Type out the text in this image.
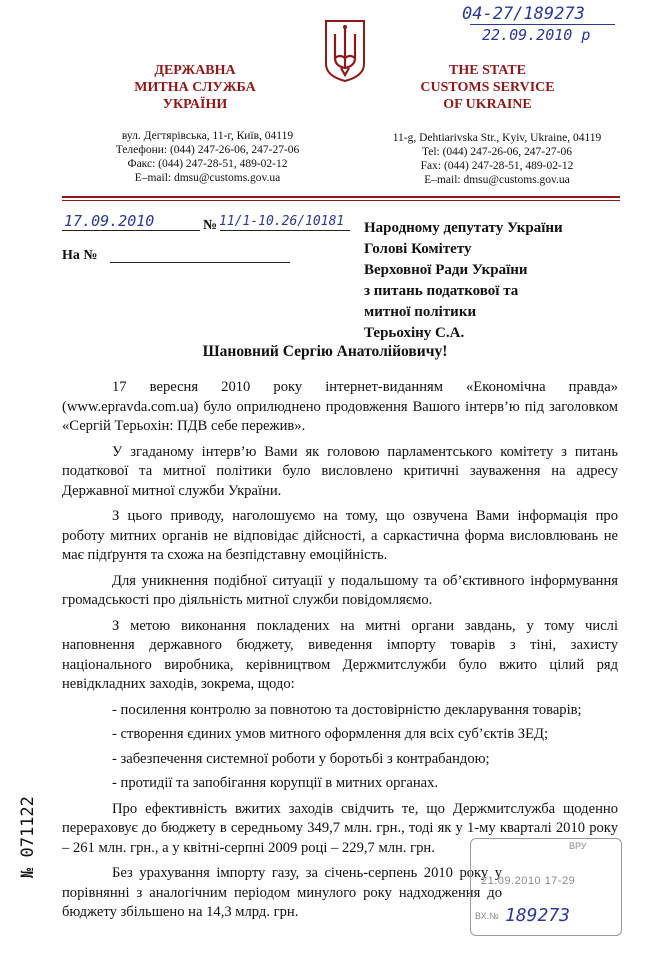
04-27/189273
22.09.2010 р
ДЕРЖАВНА
МИТНА СЛУЖБА
УКРАЇНИ
вул. Дегтярівська, 11-г, Київ, 04119
Телефони: (044) 247-26-06, 247-27-06
Факс: (044) 247-28-51, 489-02-12
E–mail: dmsu@customs.gov.ua
THE STATE
CUSTOMS SERVICE
OF UKRAINE
11-g, Dehtiarivska Str., Kyiv, Ukraine, 04119
Tel: (044) 247-26-06, 247-27-06
Fax: (044) 247-28-51, 489-02-12
E–mail: dmsu@customs.gov.ua
17.09.2010	№ 11/1-10.26/10181
На №
Народному депутату України
Голові Комітету
Верховної Ради України
з питань податкової та
митної політики
Терьохіну С.А.
Шановний Сергію Анатолійовичу!

17 вересня 2010 року інтернет-виданням «Економічна правда» (www.epravda.com.ua) було оприлюднено продовження Вашого інтерв’ю під заголовком «Сергій Терьохін: ПДВ себе пережив».

У згаданому інтерв’ю Вами як головою парламентського комітету з питань податкової та митної політики було висловлено критичні зауваження на адресу Державної митної служби України.

З цього приводу, наголошуємо на тому, що озвучена Вами інформація про роботу митних органів не відповідає дійсності, а саркастична форма висловлювань не має підґрунтя та схожа на безпідставну емоційність.

Для уникнення подібної ситуації у подальшому та об’єктивного інформування громадськості про діяльність митної служби повідомляємо.

З метою виконання покладених на митні органи завдань, у тому числі наповнення державного бюджету, виведення імпорту товарів з тіні, захисту національного виробника, керівництвом Держмитслужби було вжито цілий ряд невідкладних заходів, зокрема, щодо:

- посилення контролю за повнотою та достовірністю декларування товарів;

- створення єдиних умов митного оформлення для всіх суб’єктів ЗЕД;

- забезпечення системної роботи у боротьбі з контрабандою;

- протидії та запобігання корупції в митних органах.

Про ефективність вжитих заходів свідчить те, що Держмитслужба щоденно перераховує до бюджету в середньому 349,7 млн. грн., тоді як у 1-му кварталі 2010 року – 261 млн. грн., а у квітні-серпні 2009 році – 229,7 млн. грн.

Без урахування імпорту газу, за січень-серпень 2010 року у порівнянні з аналогічним періодом минулого року надходження до бюджету збільшено на 14,3 млрд. грн.

№ 071122	ВРУ
21.09.2010 17-29
ВХ.№ 189273
